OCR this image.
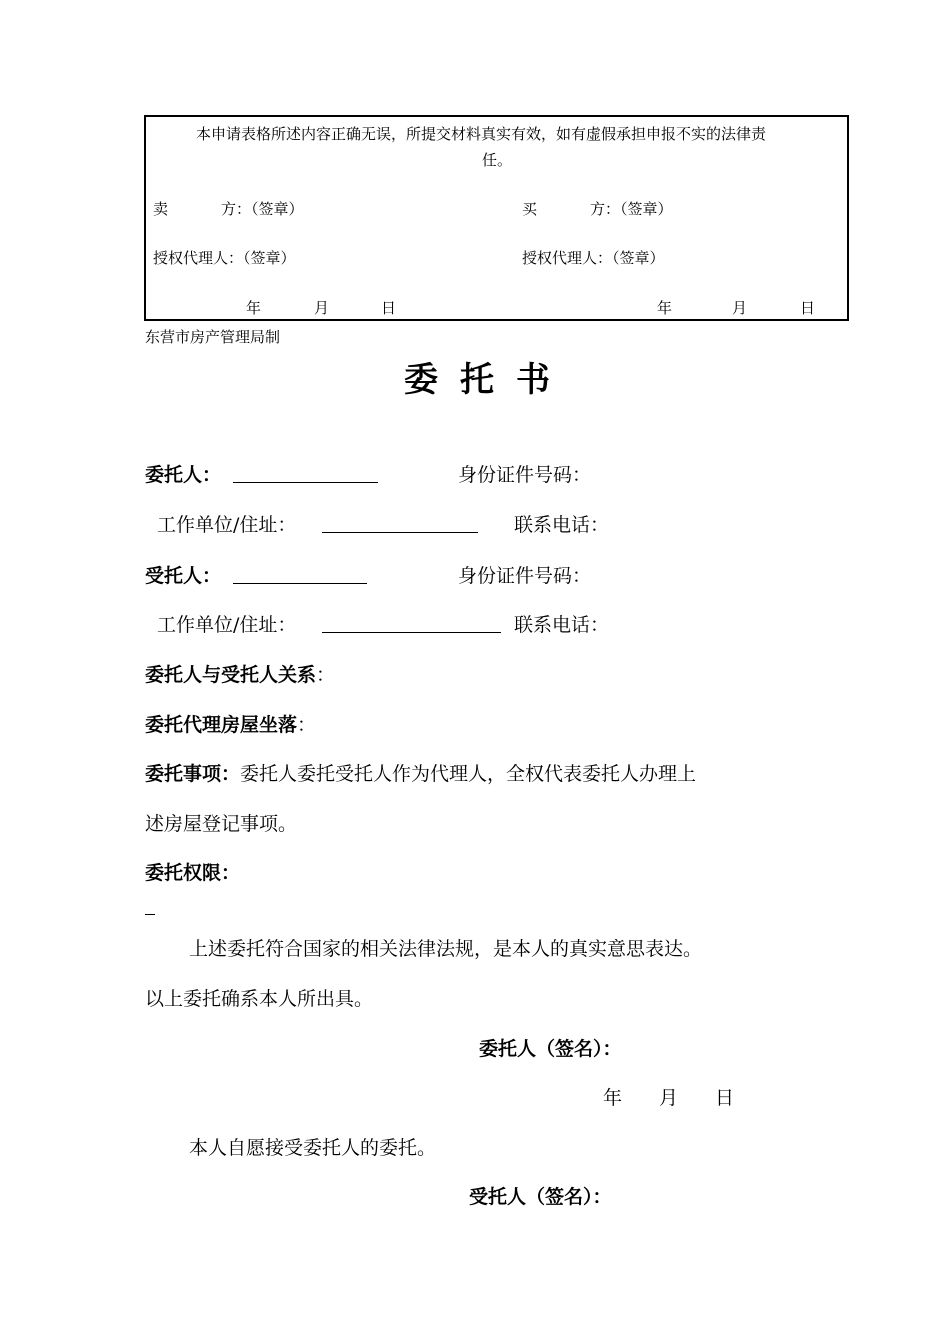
本申请表格所述内容正确无误，所提交材料真实有效，如有虚假承担申报不实的法律责
任。
卖	方：（签章）	买	方：（签章）
授权代理人：（签章）	授权代理人：（签章）
年	月	日	年	月	日
东营市房产管理局制
委托书
委托人：	身份证件号码：
工作单位/住址：	联系电话：
受托人：	身份证件号码：
工作单位/住址：	联系电话：
委托人与受托人关系：
委托代理房屋坐落：
委托事项：委托人委托受托人作为代理人，全权代表委托人办理上
述房屋登记事项。
委托权限：
上述委托符合国家的相关法律法规，是本人的真实意思表达。
以上委托确系本人所出具。
委托人（签名）：
年 月 日
本人自愿接受委托人的委托。
受托人（签名）：
